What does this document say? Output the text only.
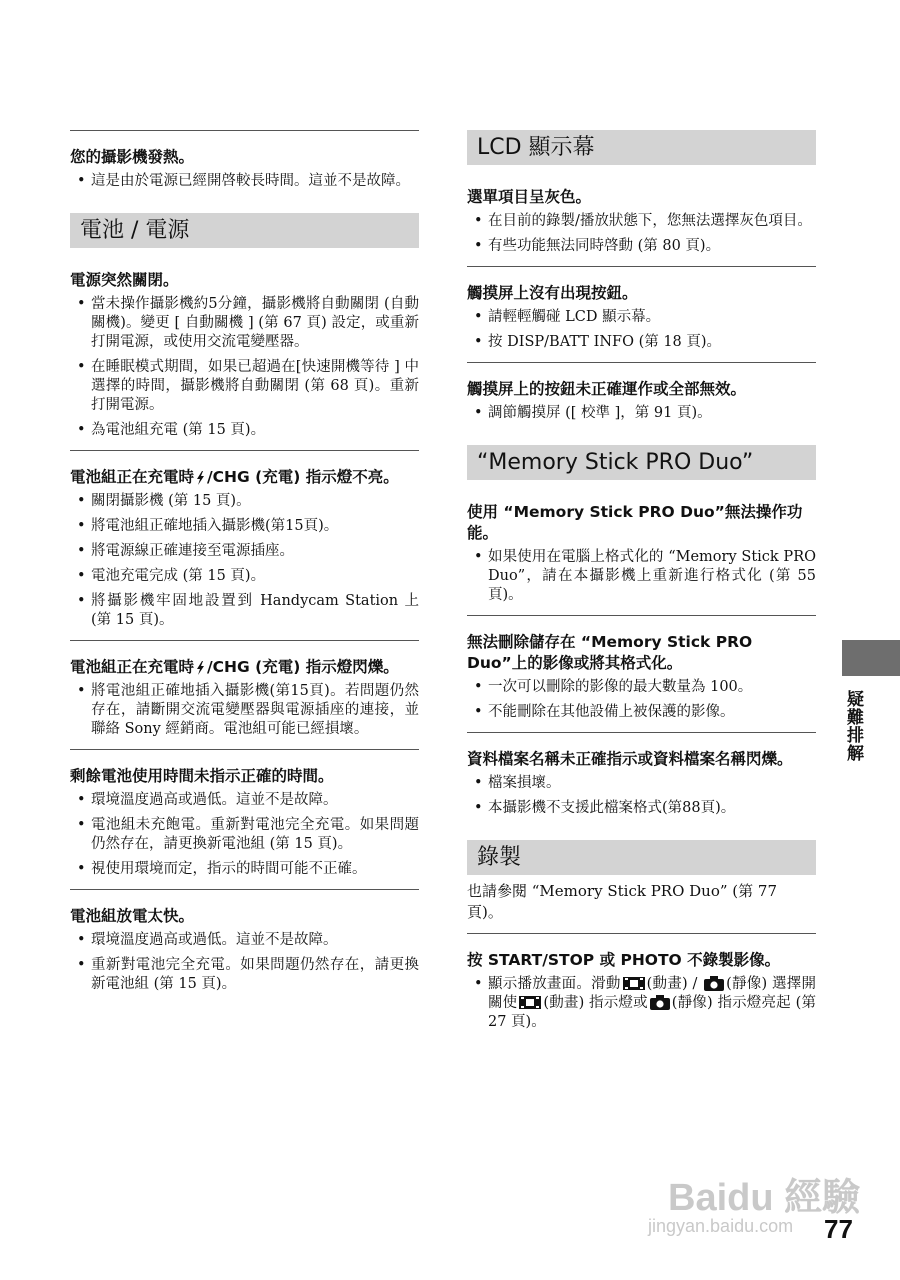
您的攝影機發熱。
• 這是由於電源已經開啓較長時間。這並不是故障。
電池 / 電源
電源突然關閉。
• 當未操作攝影機約5分鐘，攝影機將自動關閉 (自動關機)。變更 [ 自動關機 ] (第 67 頁) 設定，或重新打開電源，或使用交流電變壓器。
• 在睡眠模式期間，如果已超過在[快速開機等待 ] 中選擇的時間，攝影機將自動關閉 (第 68 頁)。重新打開電源。
• 為電池組充電 (第 15 頁)。
電池組正在充電時 /CHG (充電) 指示燈不亮。
• 關閉攝影機 (第 15 頁)。
• 將電池組正確地插入攝影機(第15頁)。
• 將電源線正確連接至電源插座。
• 電池充電完成 (第 15 頁)。
• 將攝影機牢固地設置到 Handycam Station 上 (第 15 頁)。
電池組正在充電時 /CHG (充電) 指示燈閃爍。
• 將電池組正確地插入攝影機(第15頁)。若問題仍然存在，請斷開交流電變壓器與電源插座的連接，並聯絡 Sony 經銷商。電池組可能已經損壞。
剩餘電池使用時間未指示正確的時間。
• 環境溫度過高或過低。這並不是故障。
• 電池組未充飽電。重新對電池完全充電。如果問題仍然存在，請更換新電池組 (第 15 頁)。
• 視使用環境而定，指示的時間可能不正確。
電池組放電太快。
• 環境溫度過高或過低。這並不是故障。
• 重新對電池完全充電。如果問題仍然存在，請更換新電池組 (第 15 頁)。
LCD 顯示幕
選單項目呈灰色。
• 在目前的錄製/播放狀態下，您無法選擇灰色項目。
• 有些功能無法同時啓動 (第 80 頁)。
觸摸屏上沒有出現按鈕。
• 請輕輕觸碰 LCD 顯示幕。
• 按 DISP/BATT INFO (第 18 頁)。
觸摸屏上的按鈕未正確運作或全部無效。
• 調節觸摸屏 ([ 校準 ]，第 91 頁)。
“Memory Stick PRO Duo”
使用 “Memory Stick PRO Duo”無法操作功能。
• 如果使用在電腦上格式化的 “Memory Stick PRO Duo”，請在本攝影機上重新進行格式化 (第 55 頁)。
無法刪除儲存在 “Memory Stick PRO Duo”上的影像或將其格式化。
• 一次可以刪除的影像的最大數量為 100。
• 不能刪除在其他設備上被保護的影像。
資料檔案名稱未正確指示或資料檔案名稱閃爍。
• 檔案損壞。
• 本攝影機不支援此檔案格式(第88頁)。
錄製

也請參閱 “Memory Stick PRO Duo” (第 77 頁)。

按 START/STOP 或 PHOTO 不錄製影像。
• 顯示播放畫面。滑動 (動畫) / (靜像) 選擇開關使 (動畫) 指示燈或 (靜像) 指示燈亮起 (第 27 頁)。
疑難排解
Baidu 經驗
jingyan.baidu.com 77
